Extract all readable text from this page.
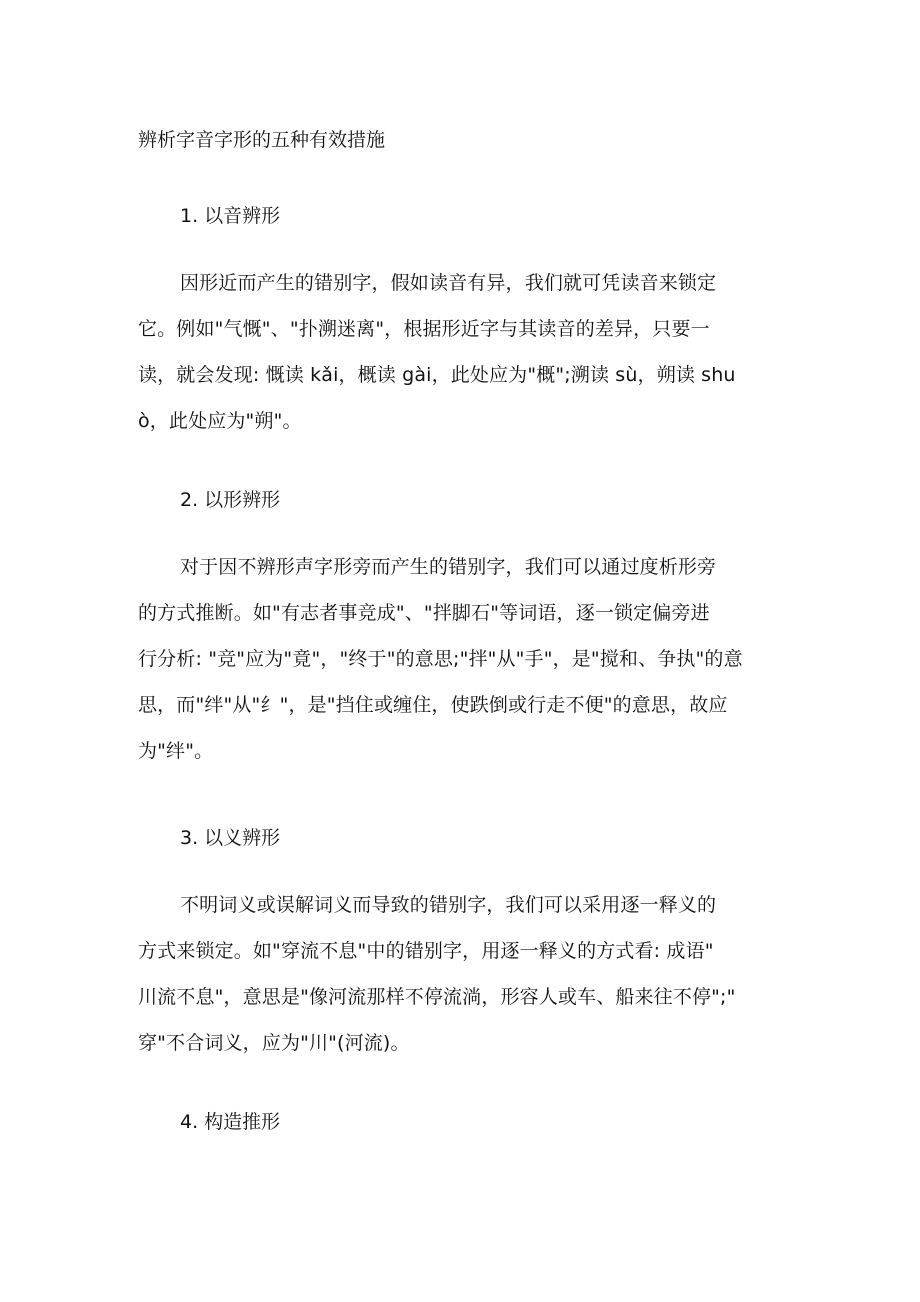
辨析字音字形的五种有效措施
1. 以音辨形

因形近而产生的错别字，假如读音有异，我们就可凭读音来锁定
它。例如"气慨"、"扑溯迷离"，根据形近字与其读音的差异，只要一
读，就会发现: 慨读 kǎi，概读 gài，此处应为"概";溯读 sù，朔读 shu
ò，此处应为"朔"。

2. 以形辨形

对于因不辨形声字形旁而产生的错别字，我们可以通过度析形旁
的方式推断。如"有志者事竞成"、"拌脚石"等词语，逐一锁定偏旁进
行分析: "竞"应为"竟"，"终于"的意思;"拌"从"手"，是"搅和、争执"的意
思，而"绊"从"纟"，是"挡住或缠住，使跌倒或行走不便"的意思，故应
为"绊"。

3. 以义辨形

不明词义或误解词义而导致的错别字，我们可以采用逐一释义的
方式来锁定。如"穿流不息"中的错别字，用逐一释义的方式看: 成语"
川流不息"，意思是"像河流那样不停流淌，形容人或车、船来往不停";"
穿"不合词义，应为"川"(河流)。

4. 构造推形
